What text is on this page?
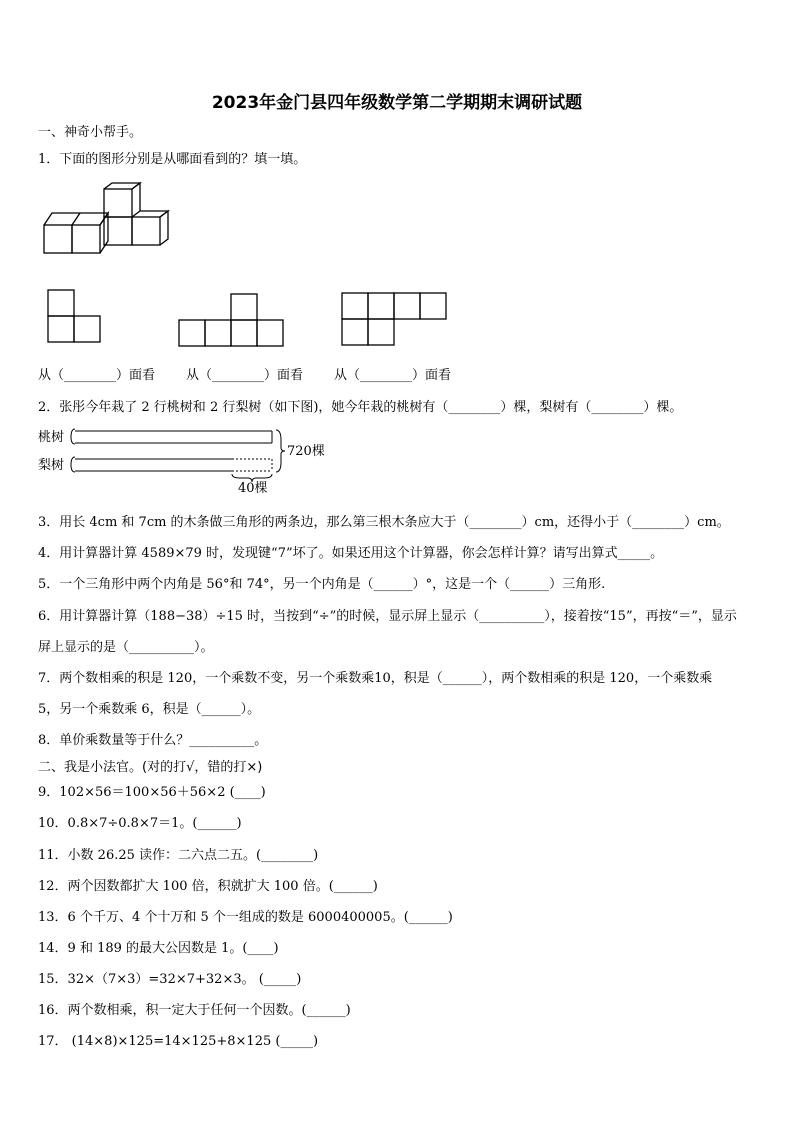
2023年金门县四年级数学第二学期期末调研试题
一、神奇小帮手。
1．下面的图形分别是从哪面看到的？填一填。
桃树
梨树
720棵
40棵
从（________）面看 从（________）面看 从（________）面看
2．张彤今年栽了 2 行桃树和 2 行梨树（如下图)，她今年栽的桃树有（________）棵，梨树有（________）棵。
3．用长 4cm 和 7cm 的木条做三角形的两条边，那么第三根木条应大于（________）cm，还得小于（________）cm。
4．用计算器计算 4589×79 时，发现键“7”坏了。如果还用这个计算器，你会怎样计算？请写出算式_____。
5．一个三角形中两个内角是 56°和 74°，另一个内角是（______）°，这是一个（______）三角形.
6．用计算器计算（188−38）÷15 时，当按到“÷”的时候，显示屏上显示（__________），接着按“15”，再按“＝”，显示
屏上显示的是（__________）。
7．两个数相乘的积是 120，一个乘数不变，另一个乘数乘10，积是（______），两个数相乘的积是 120，一个乘数乘
5，另一个乘数乘 6，积是（______）。
8．单价乘数量等于什么？__________。
二、我是小法官。(对的打√，错的打×)
9．102×56＝100×56＋56×2 (____)
10．0.8×7÷0.8×7＝1。(______)
11．小数 26.25 读作：二六点二五。(________)
12．两个因数都扩大 100 倍，积就扩大 100 倍。(______)
13．6 个千万、4 个十万和 5 个一组成的数是 6000400005。(______)
14．9 和 189 的最大公因数是 1。(____)
15．32×（7×3）=32×7+32×3。 (_____)
16．两个数相乘，积一定大于任何一个因数。(______)
17． (14×8)×125=14×125+8×125 (_____)
